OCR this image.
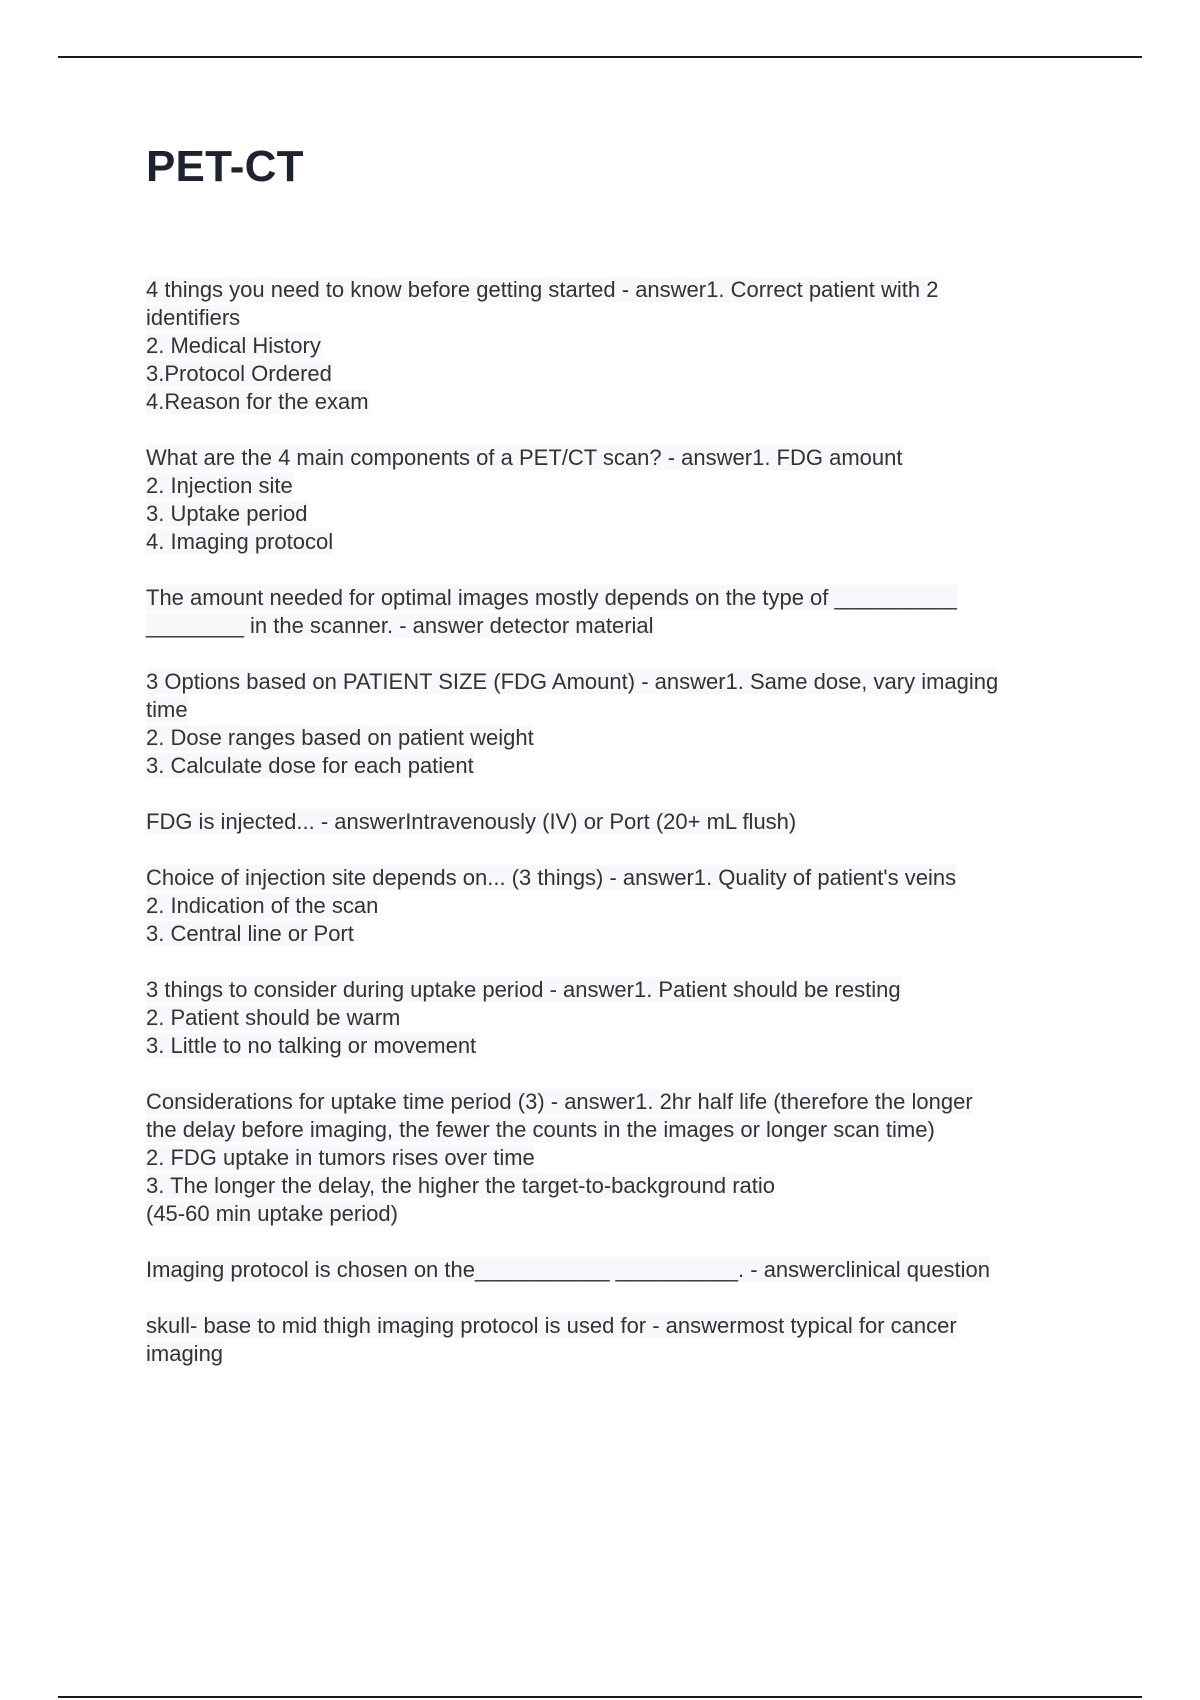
PET-CT
4 things you need to know before getting started - answer1. Correct patient with 2
identifiers
2. Medical History
3.Protocol Ordered
4.Reason for the exam
What are the 4 main components of a PET/CT scan? - answer1. FDG amount
2. Injection site
3. Uptake period
4. Imaging protocol
The amount needed for optimal images mostly depends on the type of __________
________ in the scanner. - answer detector material
3 Options based on PATIENT SIZE (FDG Amount) - answer1. Same dose, vary imaging
time
2. Dose ranges based on patient weight
3. Calculate dose for each patient
FDG is injected... - answerIntravenously (IV) or Port (20+ mL flush)
Choice of injection site depends on... (3 things) - answer1. Quality of patient's veins
2. Indication of the scan
3. Central line or Port
3 things to consider during uptake period - answer1. Patient should be resting
2. Patient should be warm
3. Little to no talking or movement
Considerations for uptake time period (3) - answer1. 2hr half life (therefore the longer
the delay before imaging, the fewer the counts in the images or longer scan time)
2. FDG uptake in tumors rises over time
3. The longer the delay, the higher the target-to-background ratio
(45-60 min uptake period)
Imaging protocol is chosen on the___________ __________. - answerclinical question
skull- base to mid thigh imaging protocol is used for - answermost typical for cancer
imaging
